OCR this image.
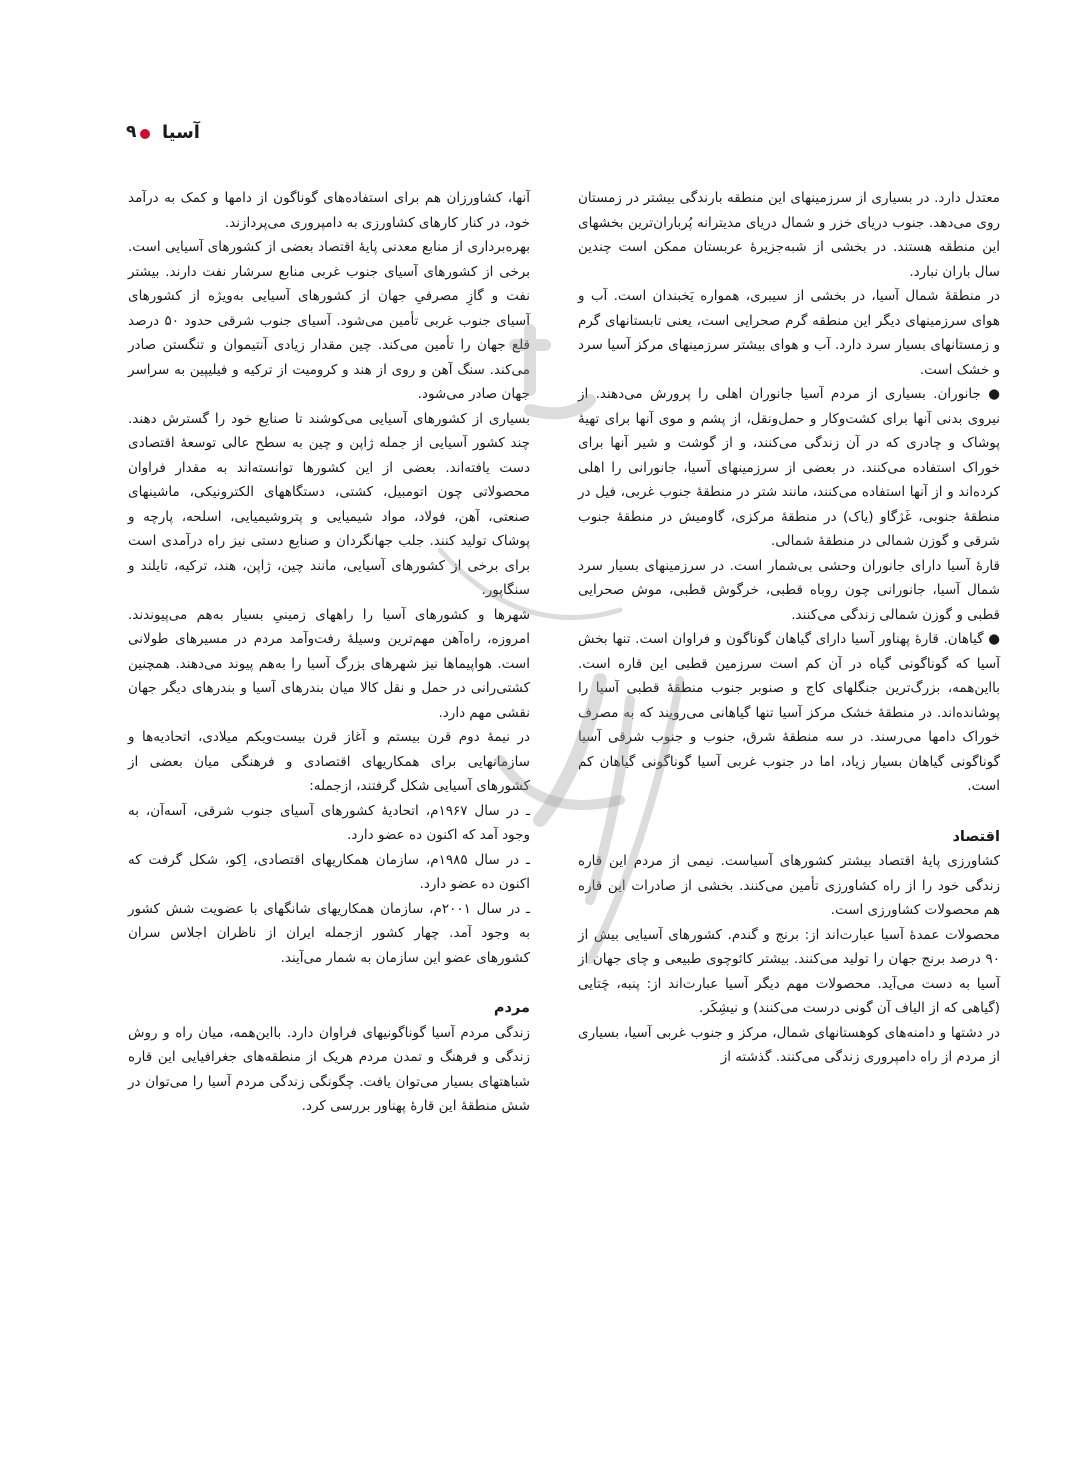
۹ آسیا

معتدل دارد. در بسیاری از سرزمینهای این منطقه بارندگی بیشتر در زمستان روی می‌دهد. جنوب دریای خزر و شمال دریای مدیترانه پُرباران‌ترین بخشهای این منطقه هستند. در بخشی از شبه‌جزیرهٔ عربستان ممکن است چندین سال باران نبارد.

در منطقهٔ شمال آسیا، در بخشی از سیبری، همواره یَخبندان است. آب و هوای سرزمینهای دیگر این منطقه گرم صحرایی است، یعنی تابستانهای گرم و زمستانهای بسیار سرد دارد. آب و هوای بیشتر سرزمینهای مرکز آسیا سرد و خشک است.

● جانوران. بسیاری از مردم آسیا جانوران اهلی را پرورش می‌دهند. از نیروی بدنی آنها برای کشت‌وکار و حمل‌ونقل، از پشم و موی آنها برای تهیهٔ پوشاک و چادری که در آن زندگی می‌کنند، و از گوشت و شیر آنها برای خوراک استفاده می‌کنند. در بعضی از سرزمینهای آسیا، جانورانی را اهلی کرده‌اند و از آنها استفاده می‌کنند، مانند شتر در منطقهٔ جنوب غربی، فیل در منطقهٔ جنوبی، غَژگاو (یاک) در منطقهٔ مرکزی، گاومیش در منطقهٔ جنوب شرقی و گوزن شمالی در منطقهٔ شمالی.

قارهٔ آسیا دارای جانوران وحشی بی‌شمار است. در سرزمینهای بسیار سرد شمال آسیا، جانورانی چون روباه قطبی، خرگوش قطبی، موش صحرایی قطبی و گوزن شمالی زندگی می‌کنند.

● گیاهان. قارهٔ پهناور آسیا دارای گیاهان گوناگون و فراوان است. تنها بخش آسیا که گوناگونی گیاه در آن کم است سرزمین قطبی این قاره است. بااین‌همه، بزرگ‌ترین جنگلهای کاج و صنوبر جنوب منطقهٔ قطبی آسیا را پوشانده‌اند. در منطقهٔ خشک مرکز آسیا تنها گیاهانی می‌رویند که به مصرف خوراک دامها می‌رسند. در سه منطقهٔ شرق، جنوب و جنوب شرقی آسیا گوناگونی گیاهان بسیار زیاد، اما در جنوب غربی آسیا گوناگونی گیاهان کم است.

اقتصاد

کشاورزی پایهٔ اقتصاد بیشتر کشورهای آسیاست. نیمی از مردم این قاره زندگی خود را از راه کشاورزی تأمین می‌کنند. بخشی از صادرات این قاره هم محصولات کشاورزی است.

محصولات عمدهٔ آسیا عبارت‌اند از: برنج و گندم. کشورهای آسیایی بیش از ۹۰ درصد برنج جهان را تولید می‌کنند. بیشتر کائوچوی طبیعی و چای جهان از آسیا به دست می‌آید. محصولات مهم دیگر آسیا عبارت‌اند از: پنبه، چَتایی (گیاهی که از الیاف آن گونی درست می‌کنند) و نیشِکَر.

در دشتها و دامنه‌های کوهستانهای شمال، مرکز و جنوب غربی آسیا، بسیاری از مردم از راه دامپروری زندگی می‌کنند. گذشته از

آنها، کشاورزان هم برای استفاده‌های گوناگون از دامها و کمک به درآمد خود، در کنار کارهای کشاورزی به دامپروری می‌پردازند.

بهره‌برداری از منابع معدنی پایهٔ اقتصاد بعضی از کشورهای آسیایی است. برخی از کشورهای آسیای جنوب غربی منابع سرشار نفت دارند. بیشتر نفت و گازِ مصرفیِ جهان از کشورهای آسیایی به‌ویژه از کشورهای آسیای جنوب غربی تأمین می‌شود. آسیای جنوب شرقی حدود ۵۰ درصد قلع جهان را تأمین می‌کند. چین مقدار زیادی آنتیموان و تنگستن صادر می‌کند. سنگ آهن و روی از هند و کرومیت از ترکیه و فیلیپین به سراسر جهان صادر می‌شود.

بسیاری از کشورهای آسیایی می‌کوشند تا صنایع خود را گسترش دهند. چند کشور آسیایی از جمله ژاپن و چین به سطح عالی توسعهٔ اقتصادی دست یافته‌اند. بعضی از این کشورها توانسته‌اند به مقدار فراوان محصولاتی چون اتومبیل، کشتی، دستگاههای الکترونیکی، ماشینهای صنعتی، آهن، فولاد، مواد شیمیایی و پتروشیمیایی، اسلحه، پارچه و پوشاک تولید کنند. جلب جهانگردان و صنایع دستی نیز راه درآمدی است برای برخی از کشورهای آسیایی، مانند چین، ژاپن، هند، ترکیه، تایلند و سنگاپور.

شهرها و کشورهای آسیا را راههای زمینیِ بسیار به‌هم می‌پیوندند. امروزه، راه‌آهن مهم‌ترین وسیلهٔ رفت‌وآمد مردم در مسیرهای طولانی است. هواپیماها نیز شهرهای بزرگ آسیا را به‌هم پیوند می‌دهند. همچنین کشتی‌رانی در حمل و نقل کالا میان بندرهای آسیا و بندرهای دیگر جهان نقشی مهم دارد.

در نیمهٔ دوم قرن بیستم و آغاز قرن بیست‌ویکم میلادی، اتحادیه‌ها و سازمانهایی برای همکاریهای اقتصادی و فرهنگی میان بعضی از کشورهای آسیایی شکل گرفتند، ازجمله:

ـ در سال ۱۹۶۷م، اتحادیهٔ کشورهای آسیای جنوب شرقی، آسه‌آن، به وجود آمد که اکنون ده عضو دارد.

ـ در سال ۱۹۸۵م، سازمان همکاریهای اقتصادی، اِکو، شکل گرفت که اکنون ده عضو دارد.

ـ در سال ۲۰۰۱م، سازمان همکاریهای شانگهای با عضویت شش کشور به وجود آمد. چهار کشور ازجمله ایران از ناظران اجلاس سران کشورهای عضو این سازمان به شمار می‌آیند.

مردم

زندگی مردم آسیا گوناگونیهای فراوان دارد. بااین‌همه، میان راه و روش زندگی و فرهنگ و تمدن مردم هریک از منطقه‌های جغرافیایی این قاره شباهتهای بسیار می‌توان یافت. چگونگی زندگی مردم آسیا را می‌توان در شش منطقهٔ این قارهٔ پهناور بررسی کرد.
